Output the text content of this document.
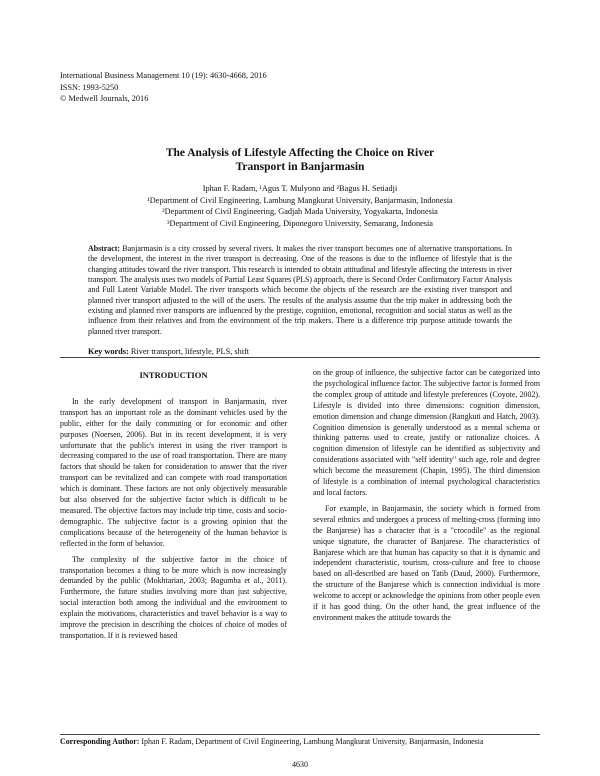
International Business Management 10 (19): 4630-4668, 2016
ISSN: 1993-5250
© Medwell Journals, 2016
The Analysis of Lifestyle Affecting the Choice on River
Transport in Banjarmasin
Iphan F. Radam, ¹Agus T. Mulyono and ²Bagus H. Setiadji
¹Department of Civil Engineering, Lambung Mangkurat University, Banjarmasin, Indonesia
²Department of Civil Engineering, Gadjah Mada University, Yogyakarta, Indonesia
³Department of Civil Engineering, Diponegoro University, Semarang, Indonesia
Abstract: Banjarmasin is a city crossed by several rivers. It makes the river transport becomes one of alternative transportations. In the development, the interest in the river transport is decreasing. One of the reasons is due to the influence of lifestyle that is the changing attitudes toward the river transport. This research is intended to obtain attitudinal and lifestyle affecting the interests in river transport. The analysis uses two models of Partial Least Squares (PLS) approach, there is Second Order Confirmatory Factor Analysis and Full Latent Variable Model. The river transports which become the objects of the research are the existing river transport and planned river transport adjusted to the will of the users. The results of the analysis assume that the trip maker in addressing both the existing and planned river transports are influenced by the prestige, cognition, emotional, recognition and social status as well as the influence from their relatives and from the environment of the trip makers. There is a difference trip purpose attitude towards the planned river transport.
Key words: River transport, lifestyle, PLS, shift
INTRODUCTION

In the early development of transport in Banjarmasin, river transport has an important role as the dominant vehicles used by the public, either for the daily commuting or for economic and other purposes (Noersen, 2006). But in its recent development, it is very unfortunate that the public's interest in using the river transport is decreasing compared to the use of road transportation. There are many factors that should be taken for consideration to answer that the river transport can be revitalized and can compete with road transportation which is dominant. These factors are not only objectively measurable but also observed for the subjective factor which is difficult to be measured. The objective factors may include trip time, costs and socio-demographic. The subjective factor is a growing opinion that the complications because of the heterogeneity of the human behavior is reflected in the form of behavior.

The complexity of the subjective factor in the choice of transportation becomes a thing to be more which is now increasingly demanded by the public (Mokhtarian, 2003; Bagumba et al., 2011). Furthermore, the future studies involving more than just subjective, social interaction both among the individual and the environment to explain the motivations, characteristics and travel behavior is a way to improve the precision in describing the choices of choice of modes of transportation. If it is reviewed based

on the group of influence, the subjective factor can be categorized into the psychological influence factor. The subjective factor is formed from the complex group of attitude and lifestyle preferences (Coyote, 2002). Lifestyle is divided into three dimensions: cognition dimension, emotion dimension and change dimension (Rangkuti and Hatch, 2003). Cognition dimension is generally understood as a mental schema or thinking patterns used to create, justify or rationalize choices. A cognition dimension of lifestyle can be identified as subjectivity and considerations associated with "self identity" such age, role and degree which become the measurement (Chapin, 1995). The third dimension of lifestyle is a combination of internal psychological characteristics and local factors.

For example, in Banjarmasin, the society which is formed from several ethnics and undergoes a process of melting-cross (forming into the Banjarese) has a character that is a "crocodile" as the regional unique signature, the character of Banjarese. The characteristics of Banjarese which are that human has capacity so that it is dynamic and independent characteristic, tourism, cross-culture and free to choose based on all-described are based on Tatib (Daud, 2000). Furthermore, the structure of the Banjarese which is connection individual is more welcome to accept or acknowledge the opinions from other people even if it has good thing. On the other hand, the great influence of the environment makes the attitude towards the

Corresponding Author: Iphan F. Radam, Department of Civil Engineering, Lambung Mangkurat University, Banjarmasin, Indonesia
4630
